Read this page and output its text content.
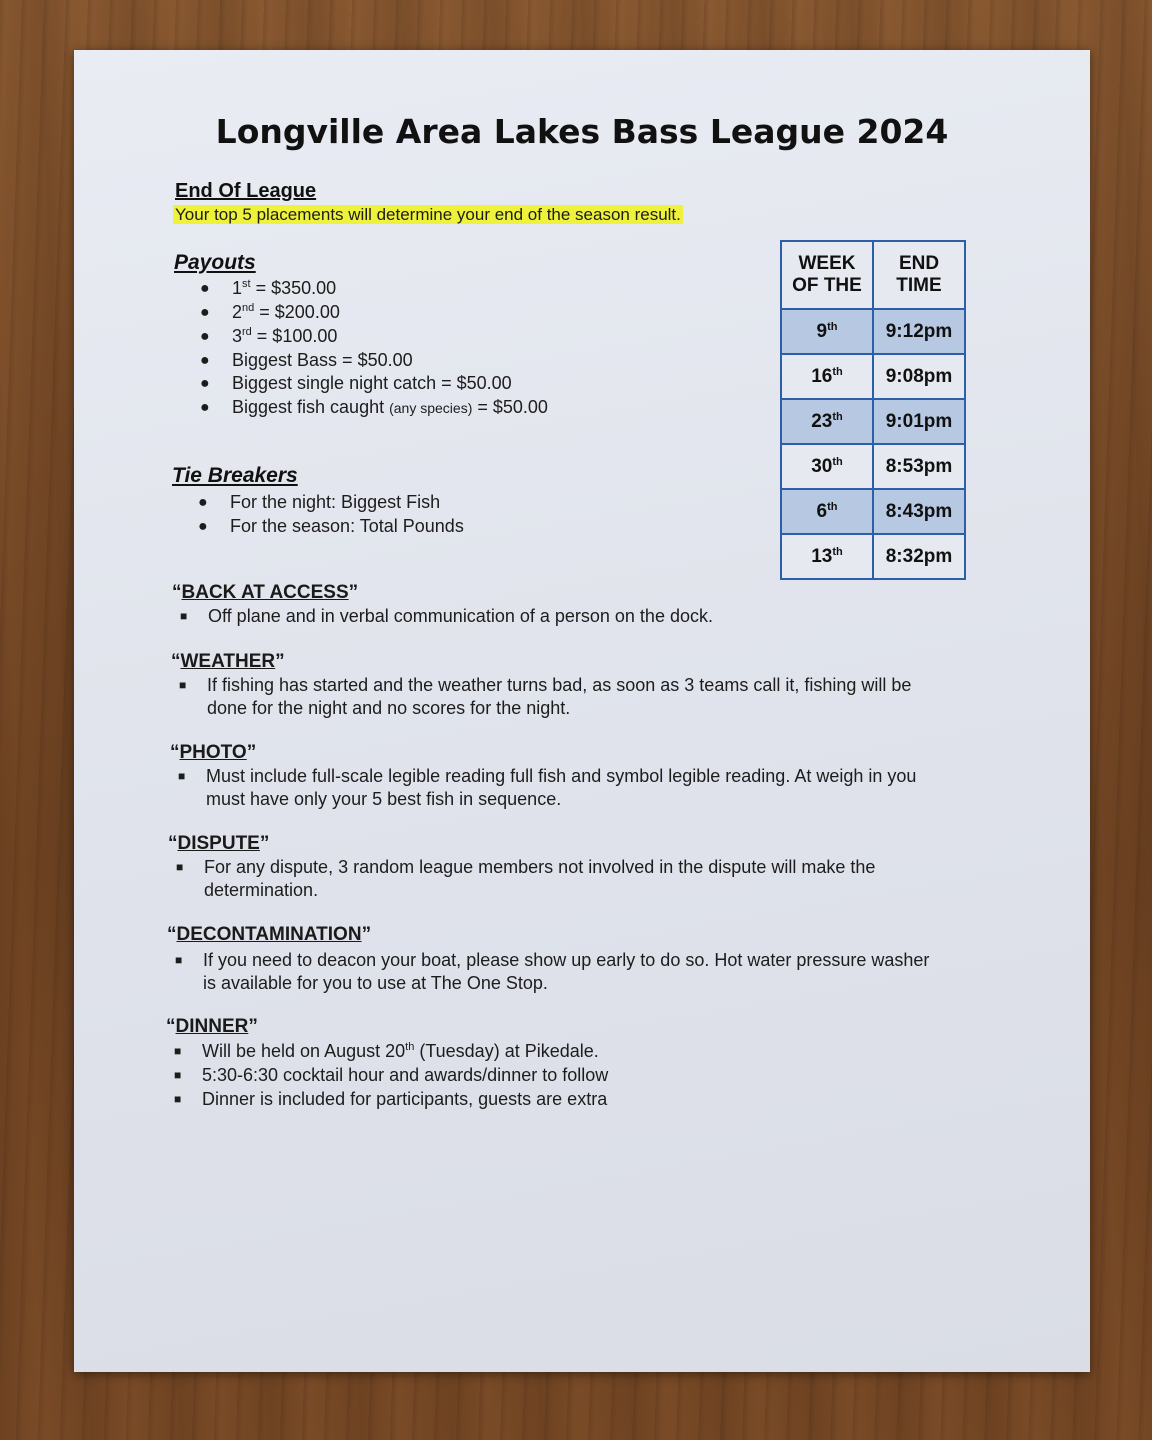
Longville Area Lakes Bass League 2024
End Of League
Your top 5 placements will determine your end of the season result.
Payouts
●	1st = $350.00
●	2nd = $200.00
●	3rd = $100.00
●	Biggest Bass = $50.00
●	Biggest single night catch = $50.00
●	Biggest fish caught (any species) = $50.00
Tie Breakers
●	For the night: Biggest Fish
●	For the season: Total Pounds
WEEK OF THE	END TIME
9th	9:12pm
16th	9:08pm
23th	9:01pm
30th	8:53pm
6th	8:43pm
13th	8:32pm
“BACK AT ACCESS”
■	Off plane and in verbal communication of a person on the dock.
“WEATHER”
■	If fishing has started and the weather turns bad, as soon as 3 teams call it, fishing will be
done for the night and no scores for the night.
“PHOTO”
■	Must include full-scale legible reading full fish and symbol legible reading. At weigh in you
must have only your 5 best fish in sequence.
“DISPUTE”
■	For any dispute, 3 random league members not involved in the dispute will make the
determination.
“DECONTAMINATION”
■	If you need to deacon your boat, please show up early to do so. Hot water pressure washer
is available for you to use at The One Stop.
“DINNER”
■	Will be held on August 20th (Tuesday) at Pikedale.
■	5:30-6:30 cocktail hour and awards/dinner to follow
■	Dinner is included for participants, guests are extra
